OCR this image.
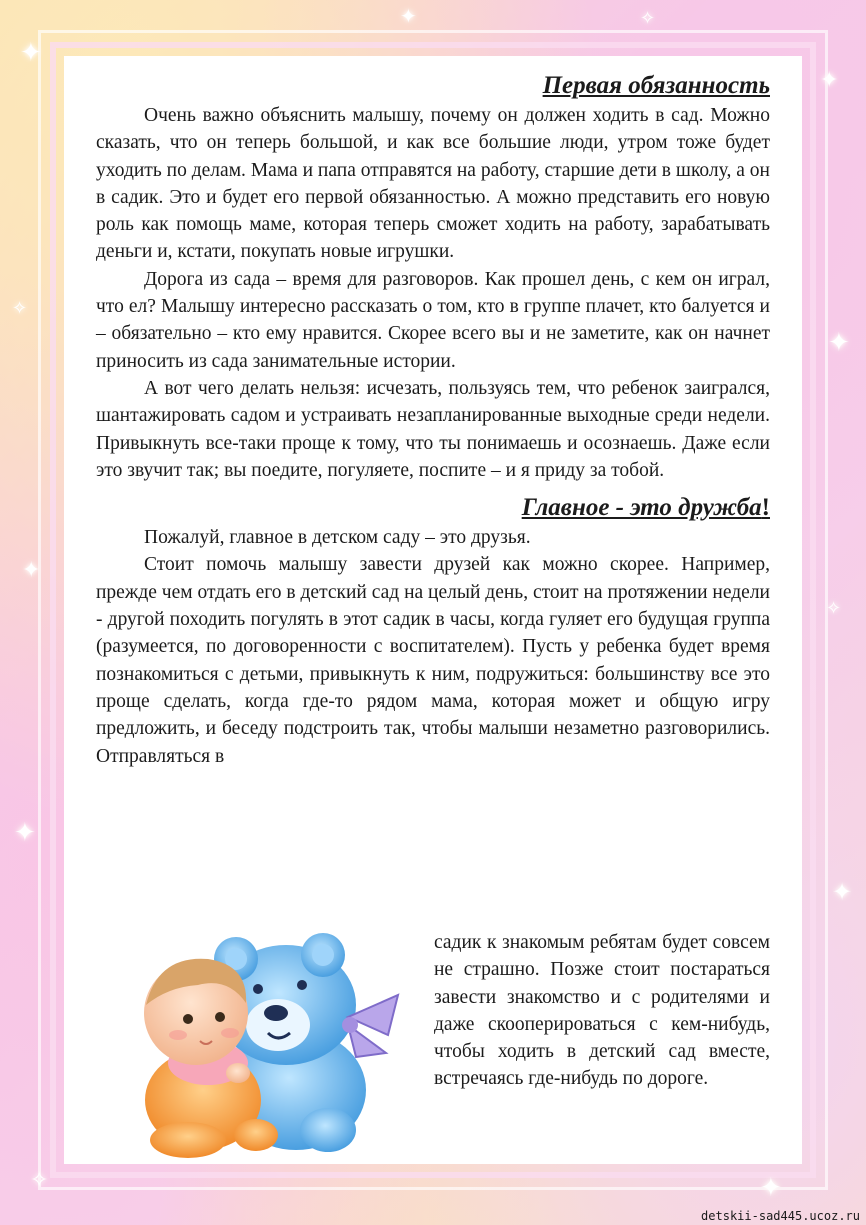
✦
✦
✧
✦
✦
✧
✦
✦
✧	✦
✦	✧
Первая обязанность

Очень важно объяснить малышу, почему он должен ходить в сад. Можно сказать, что он теперь большой, и как все большие люди, утром тоже будет уходить по делам. Мама и папа отправятся на работу, старшие дети в школу, а он в садик. Это и будет его первой обязанностью. А можно представить его новую роль как помощь маме, которая теперь сможет ходить на работу, зарабатывать деньги и, кстати, покупать новые игрушки.

Дорога из сада – время для разговоров. Как прошел день, с кем он играл, что ел? Малышу интересно рассказать о том, кто в группе плачет, кто балуется и – обязательно – кто ему нравится. Скорее всего вы и не заметите, как он начнет приносить из сада занимательные истории.

А вот чего делать нельзя: исчезать, пользуясь тем, что ребенок заигрался, шантажировать садом и устраивать незапланированные выходные среди недели. Привыкнуть все-таки проще к тому, что ты понимаешь и осознаешь. Даже если это звучит так; вы поедите, погуляете, поспите – и я приду за тобой.

Главное - это дружба!

Пожалуй, главное в детском саду – это друзья.

Стоит помочь малышу завести друзей как можно скорее. Например, прежде чем отдать его в детский сад на целый день, стоит на протяжении недели - другой походить погулять в этот садик в часы, когда гуляет его будущая группа (разумеется, по договоренности с воспитателем). Пусть у ребенка будет время познакомиться с детьми, привыкнуть к ним, подружиться: большинству все это проще сделать, когда где-то рядом мама, которая может и общую игру предложить, и беседу подстроить так, чтобы малыши незаметно разговорились. Отправляться в

садик к знакомым ребятам будет совсем не страшно. Позже стоит постараться завести знакомство и с родителями и даже скооперироваться с кем-нибудь, чтобы ходить в детский сад вместе, встречаясь где-нибудь по дороге.
detskii-sad445.ucoz.ru
